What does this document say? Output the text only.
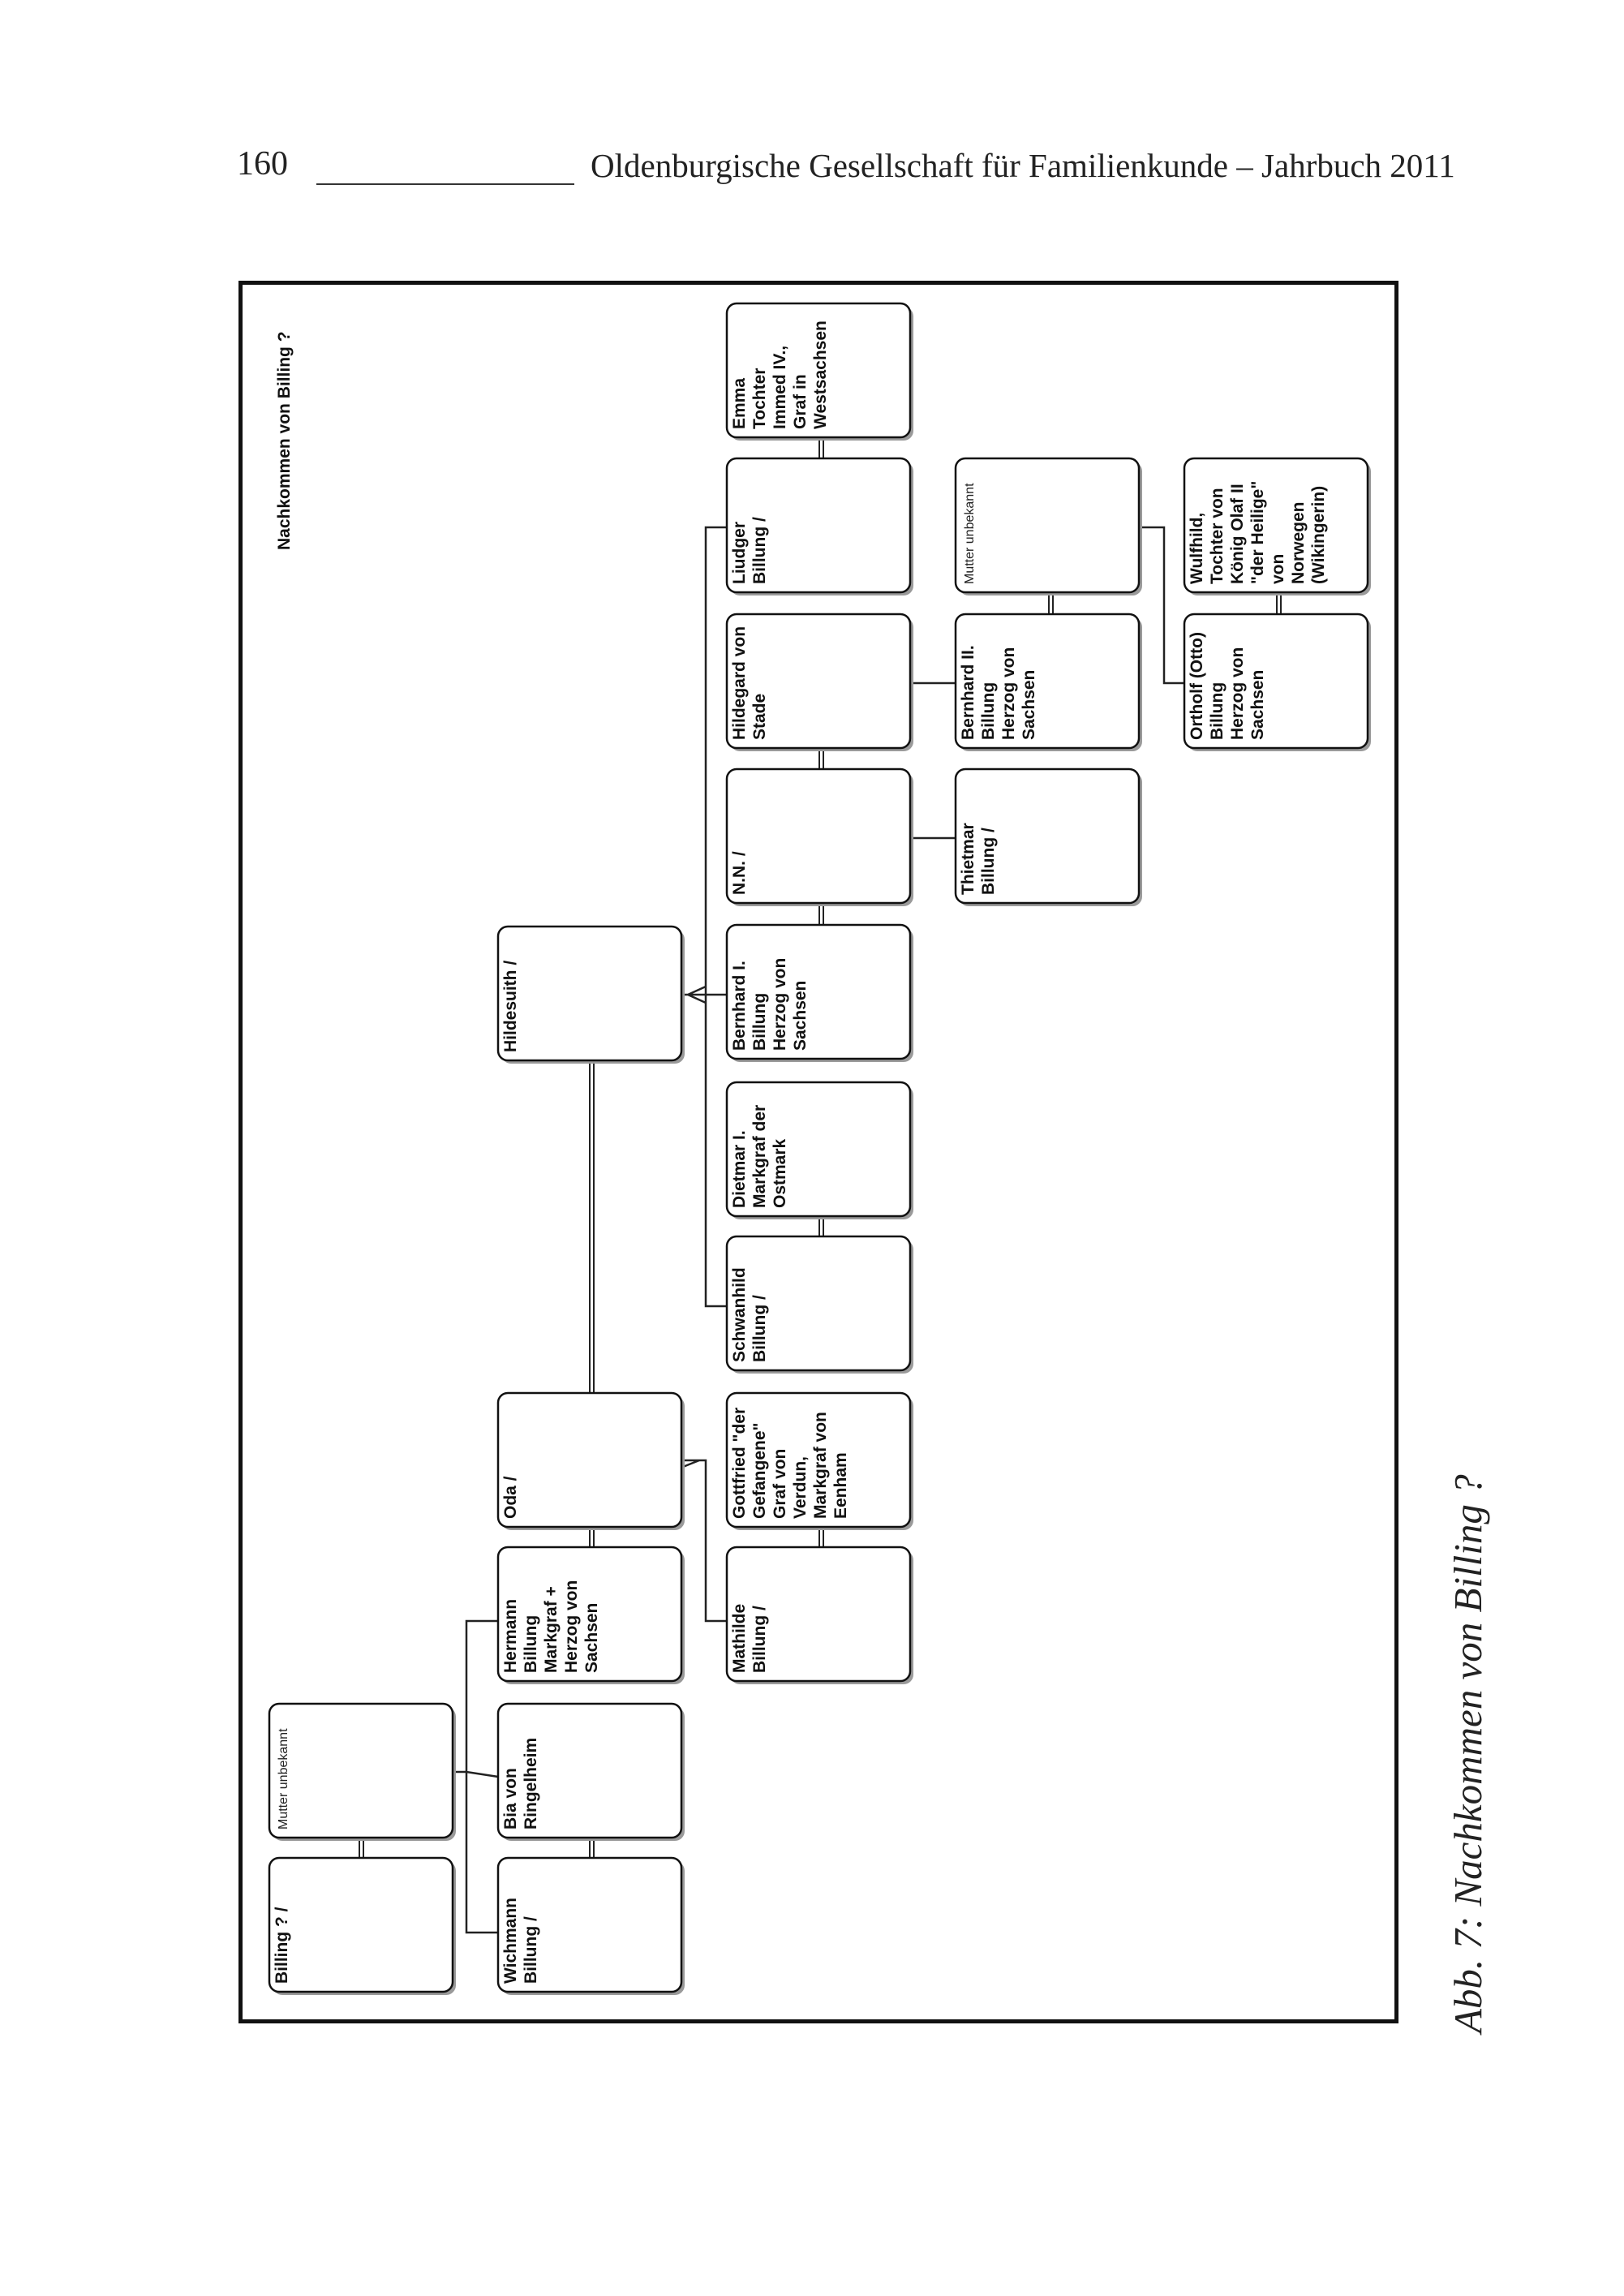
160	Oldenburgische Gesellschaft für Familienkunde – Jahrbuch 2011
Billing ? /
Mutter unbekannt
WichmannBillung /
Bia vonRingelheim
HermannBillungMarkgraf +Herzog vonSachsen
Oda /
Hildesuith /
MathildeBillung /
Gottfried "derGefangene"Graf vonVerdun,Markgraf vonEenham
SchwanhildBillung /
Dietmar I.Markgraf derOstmark
Bernhard I.BillungHerzog vonSachsen
N.N. /
Hildegard vonStade
LiudgerBillung /
EmmaTochterImmed IV.,Graf inWestsachsen
ThietmarBillung /
Bernhard II.BillungHerzog vonSachsen
Mutter unbekannt
Ortholf (Otto)BillungHerzog vonSachsen
Wulfhild,Tochter vonKönig Olaf II"der Heilige"vonNorwegen(Wikingerin)
Nachkommen von Billing ?
Abb. 7: Nachkommen von Billing ?
